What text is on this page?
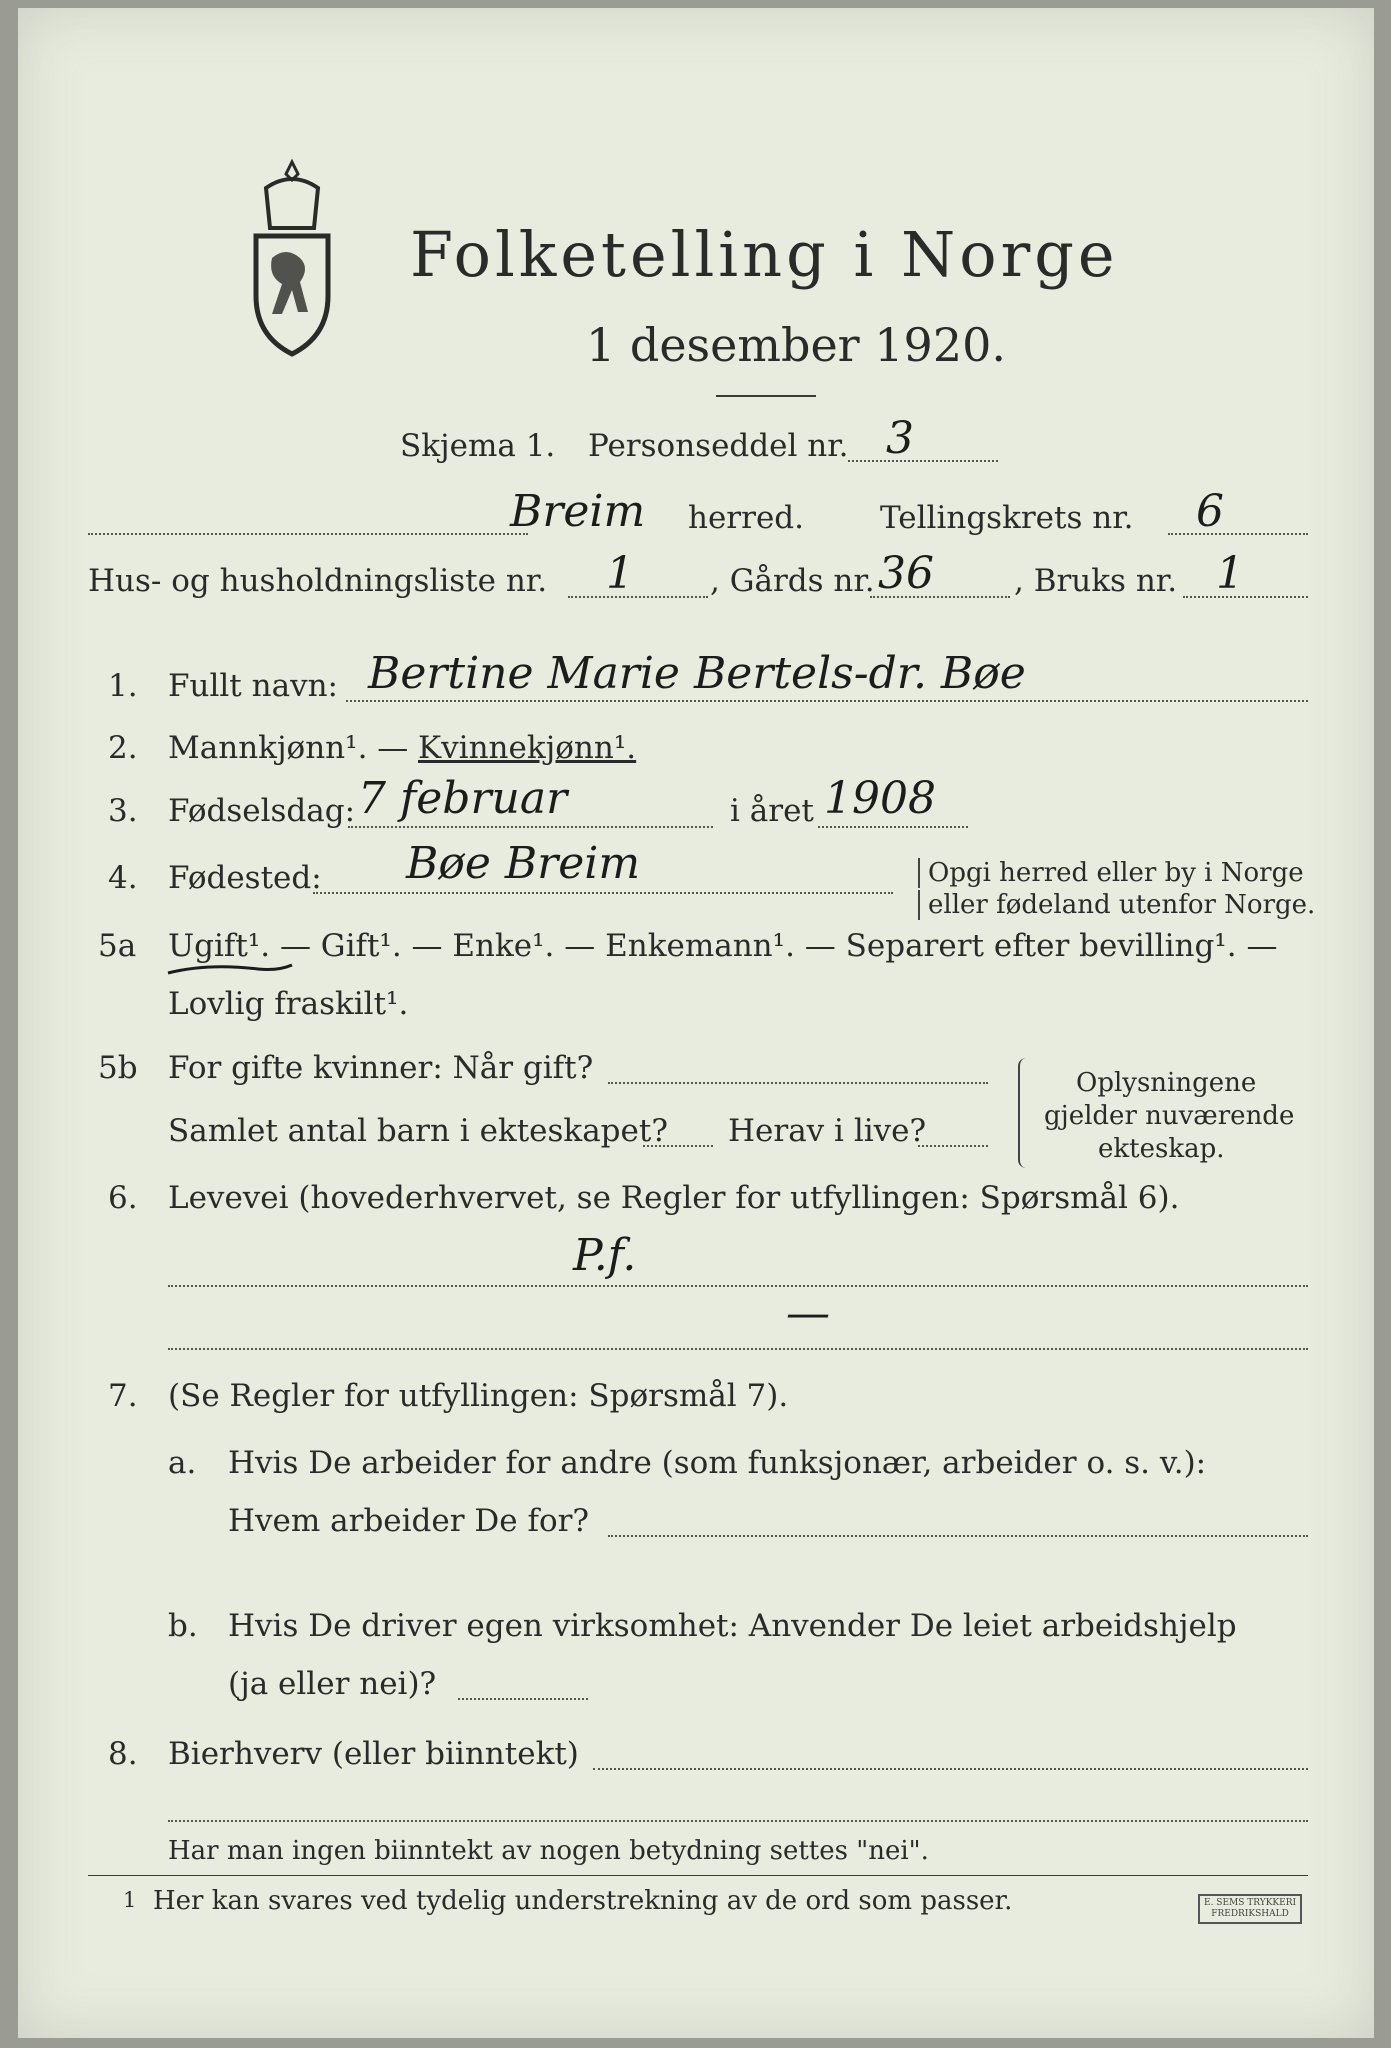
Folketelling i Norge
1 desember 1920.
Skjema 1. Personseddel nr. 3
Breim herred. Tellingskrets nr. 6
Hus- og husholdningsliste nr. 1 , Gårds nr. 36	, Bruks nr. 1
1. Fullt navn: Bertine Marie Bertels-dr. Bøe
2. Mannkjønn¹. — Kvinnekjønn¹.
3. Fødselsdag: 7 februar	i året 1908
4. Fødested: Bøe Breim	Opgi herred eller by i Norge
eller fødeland utenfor Norge.
5a Ugift¹. — Gift¹. — Enke¹. — Enkemann¹. — Separert efter bevilling¹. —
Lovlig fraskilt¹.
5b For gifte kvinner: Når gift?
Samlet antal barn i ekteskapet? Herav i live?
Oplysningene
gjelder nuværende
ekteskap.
6. Levevei (hovederhvervet, se Regler for utfyllingen: Spørsmål 6).
P.f.
—
7. (Se Regler for utfyllingen: Spørsmål 7).
a. Hvis De arbeider for andre (som funksjonær, arbeider o. s. v.):
Hvem arbeider De for?
b. Hvis De driver egen virksomhet: Anvender De leiet arbeidshjelp
(ja eller nei)?
8. Bierhverv (eller biinntekt)
Har man ingen biinntekt av nogen betydning settes "nei".
1 Her kan svares ved tydelig understrekning av de ord som passer.	E. SEMS TRYKKERI
FREDRIKSHALD
